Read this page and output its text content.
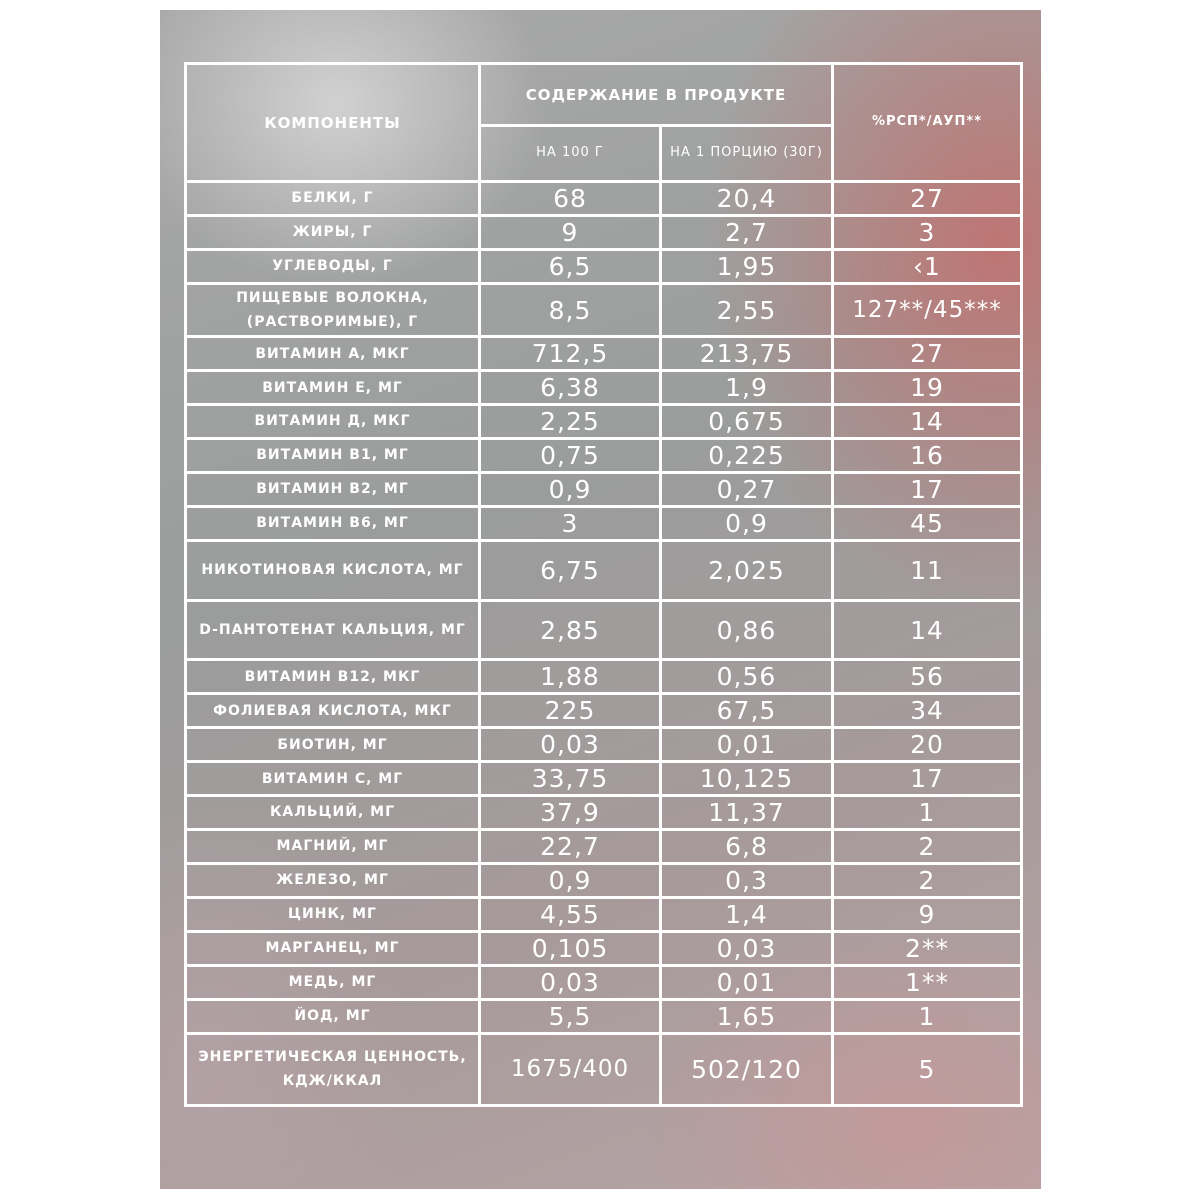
КОМПОНЕНТЫ	СОДЕРЖАНИЕ В ПРОДУКТЕ		%РСП*/АУП**
	НА 100 Г	НА 1 ПОРЦИЮ (30Г)	
БЕЛКИ, Г	68	20,4	27
ЖИРЫ, Г	9	2,7	3
УГЛЕВОДЫ, Г	6,5	1,95	‹1
ПИЩЕВЫЕ ВОЛОКНА, (РАСТВОРИМЫЕ), Г	8,5	2,55	127**/45***
ВИТАМИН А, МКГ	712,5	213,75	27
ВИТАМИН Е, МГ	6,38	1,9	19
ВИТАМИН Д, МКГ	2,25	0,675	14
ВИТАМИН В1, МГ	0,75	0,225	16
ВИТАМИН В2, МГ	0,9	0,27	17
ВИТАМИН В6, МГ	3	0,9	45
НИКОТИНОВАЯ КИСЛОТА, МГ	6,75	2,025	11
D-ПАНТОТЕНАТ КАЛЬЦИЯ, МГ	2,85	0,86	14
ВИТАМИН В12, МКГ	1,88	0,56	56
ФОЛИЕВАЯ КИСЛОТА, МКГ	225	67,5	34
БИОТИН, МГ	0,03	0,01	20
ВИТАМИН С, МГ	33,75	10,125	17
КАЛЬЦИЙ, МГ	37,9	11,37	1
МАГНИЙ, МГ	22,7	6,8	2
ЖЕЛЕЗО, МГ	0,9	0,3	2
ЦИНК, МГ	4,55	1,4	9
МАРГАНЕЦ, МГ	0,105	0,03	2**
МЕДЬ, МГ	0,03	0,01	1**
ЙОД, МГ	5,5	1,65	1
ЭНЕРГЕТИЧЕСКАЯ ЦЕННОСТЬ, КДЖ/ККАЛ	1675/400	502/120	5
